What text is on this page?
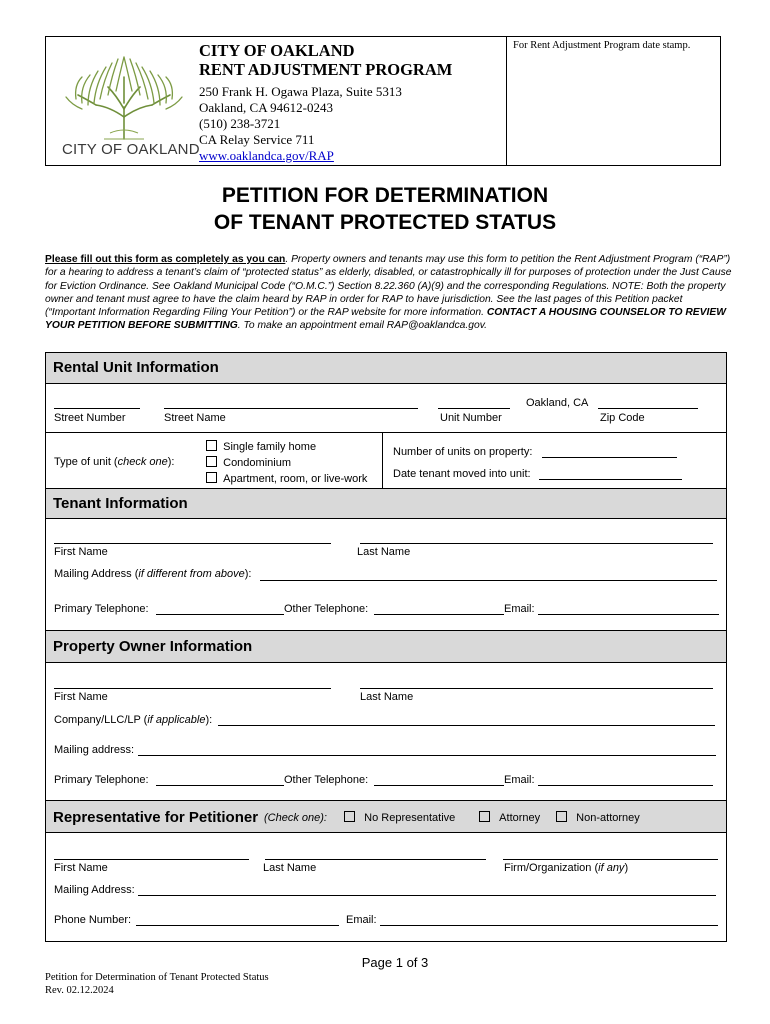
CITY OF OAKLAND
CITY OF OAKLAND
RENT ADJUSTMENT PROGRAM
250 Frank H. Ogawa Plaza, Suite 5313
Oakland, CA 94612-0243
(510) 238-3721
CA Relay Service 711
www.oaklandca.gov/RAP
For Rent Adjustment Program date stamp.
PETITION FOR DETERMINATION
OF TENANT PROTECTED STATUS
Please fill out this form as completely as you can. Property owners and tenants may use this form to petition the Rent Adjustment Program (“RAP”) for a hearing to address a tenant’s claim of “protected status” as elderly, disabled, or catastrophically ill for purposes of protection under the Just Cause for Eviction Ordinance. See Oakland Municipal Code (“O.M.C.”) Section 8.22.360 (A)(9) and the corresponding Regulations. NOTE: Both the property owner and tenant must agree to have the claim heard by RAP in order for RAP to have jurisdiction. See the last pages of this Petition packet (“Important Information Regarding Filing Your Petition”) or the RAP website for more information. CONTACT A HOUSING COUNSELOR TO REVIEW YOUR PETITION BEFORE SUBMITTING. To make an appointment email RAP@oaklandca.gov.
Rental Unit Information
Oakland, CA
Street Number	Street Name	Unit Number	Zip Code
Type of unit (check one):
Single family home
Condominium
Apartment, room, or live-work
Number of units on property:
Date tenant moved into unit:
Tenant Information
First Name	Last Name
Mailing Address (if different from above):
Primary Telephone:	Other Telephone:	Email:
Property Owner Information
First Name	Last Name
Company/LLC/LP (if applicable):
Mailing address:
Primary Telephone:	Other Telephone:	Email:
Representative for Petitioner (Check one):	No Representative	Attorney	Non-attorney
First Name	Last Name	Firm/Organization (if any)
Mailing Address:
Phone Number:	Email:
Page 1 of 3
Petition for Determination of Tenant Protected Status
Rev. 02.12.2024
